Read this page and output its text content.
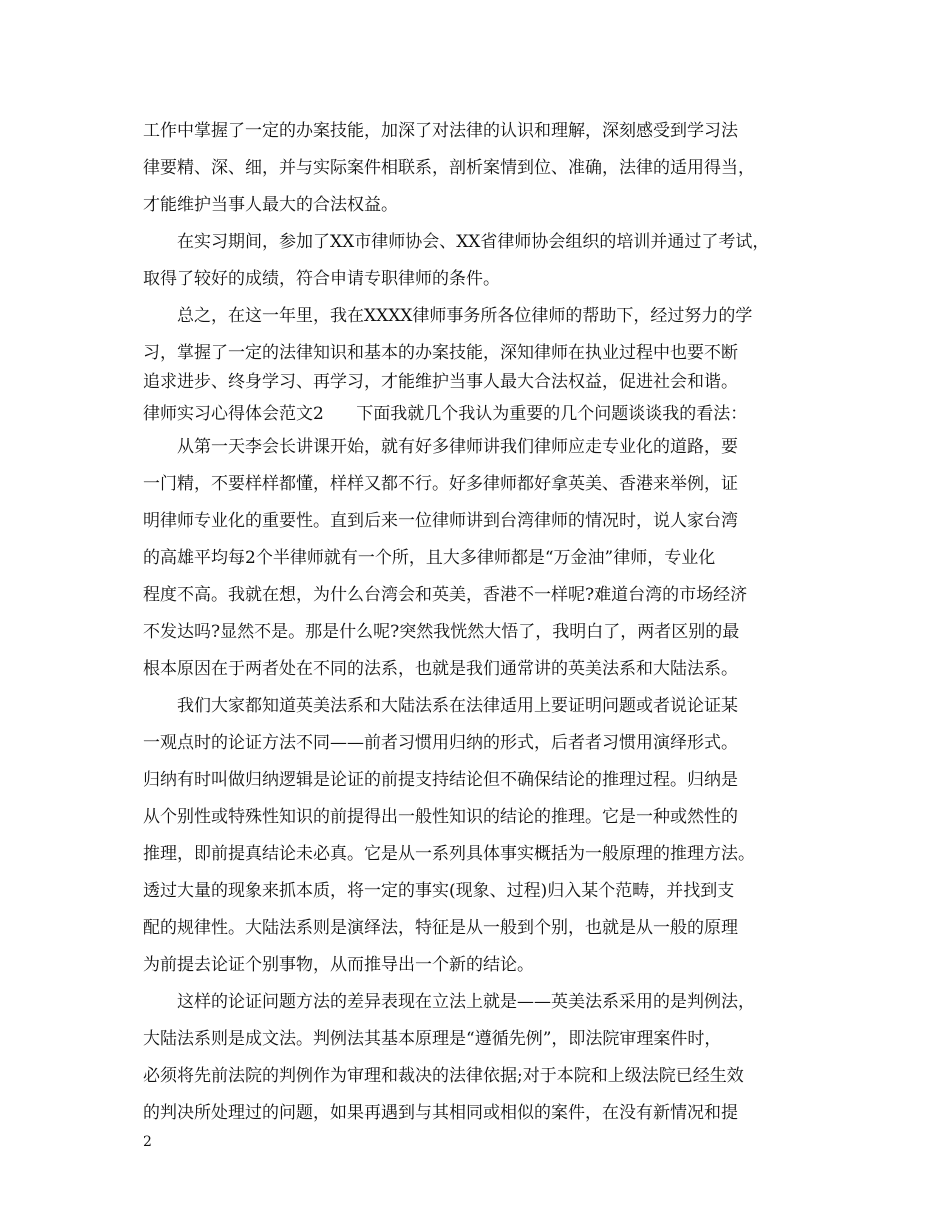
工作中掌握了一定的办案技能，加深了对法律的认识和理解，深刻感受到学习法
律要精、深、细，并与实际案件相联系，剖析案情到位、准确，法律的适用得当，
才能维护当事人最大的合法权益。
在实习期间，参加了XX市律师协会、XX省律师协会组织的培训并通过了考试，
取得了较好的成绩，符合申请专职律师的条件。
总之，在这一年里，我在XXXX律师事务所各位律师的帮助下，经过努力的学
习，掌握了一定的法律知识和基本的办案技能，深知律师在执业过程中也要不断
追求进步、终身学习、再学习，才能维护当事人最大合法权益，促进社会和谐。
律师实习心得体会范文2      下面我就几个我认为重要的几个问题谈谈我的看法：
从第一天李会长讲课开始，就有好多律师讲我们律师应走专业化的道路，要
一门精，不要样样都懂，样样又都不行。好多律师都好拿英美、香港来举例，证
明律师专业化的重要性。直到后来一位律师讲到台湾律师的情况时，说人家台湾
的高雄平均每2个半律师就有一个所，且大多律师都是“万金油”律师，专业化
程度不高。我就在想，为什么台湾会和英美，香港不一样呢?难道台湾的市场经济
不发达吗?显然不是。那是什么呢?突然我恍然大悟了，我明白了，两者区别的最
根本原因在于两者处在不同的法系，也就是我们通常讲的英美法系和大陆法系。
我们大家都知道英美法系和大陆法系在法律适用上要证明问题或者说论证某
一观点时的论证方法不同——前者习惯用归纳的形式，后者者习惯用演绎形式。
归纳有时叫做归纳逻辑是论证的前提支持结论但不确保结论的推理过程。归纳是
从个别性或特殊性知识的前提得出一般性知识的结论的推理。它是一种或然性的
推理，即前提真结论未必真。它是从一系列具体事实概括为一般原理的推理方法。
透过大量的现象来抓本质，将一定的事实(现象、过程)归入某个范畴，并找到支
配的规律性。大陆法系则是演绎法，特征是从一般到个别，也就是从一般的原理
为前提去论证个别事物，从而推导出一个新的结论。
这样的论证问题方法的差异表现在立法上就是——英美法系采用的是判例法，
大陆法系则是成文法。判例法其基本原理是“遵循先例”，即法院审理案件时，
必须将先前法院的判例作为审理和裁决的法律依据;对于本院和上级法院已经生效
的判决所处理过的问题，如果再遇到与其相同或相似的案件，在没有新情况和提
2
